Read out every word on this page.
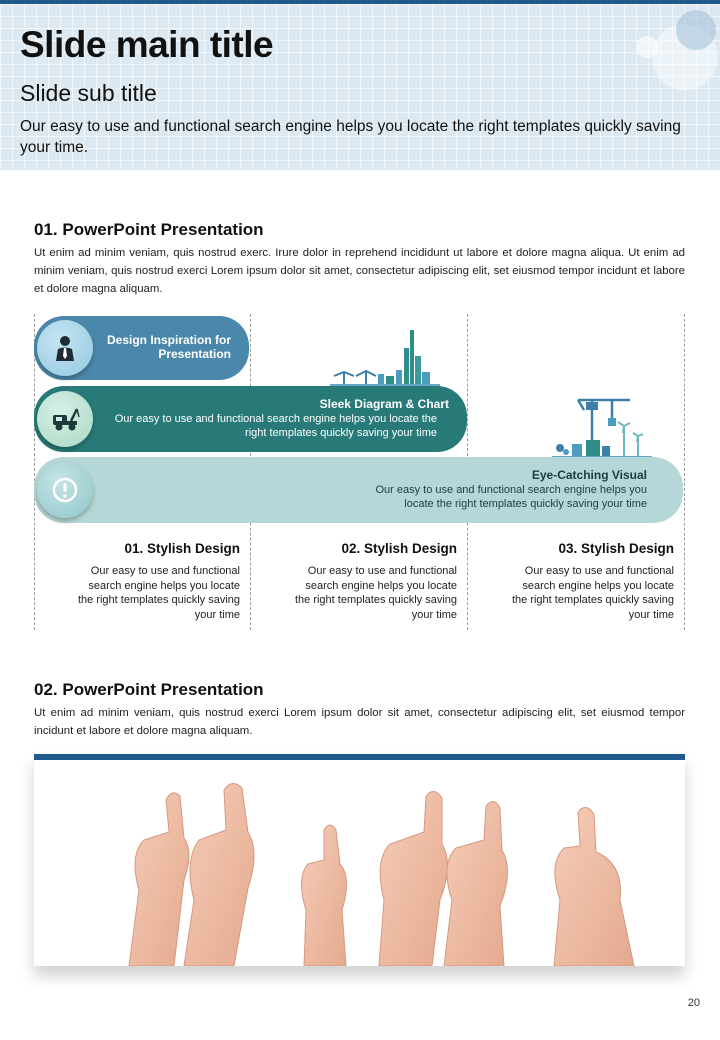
Slide main title
Slide sub title
Our easy to use and functional search engine helps you locate the right templates quickly saving your time.
01. PowerPoint Presentation
Ut enim ad minim veniam, quis nostrud exerc. Irure dolor in reprehend incididunt ut labore et dolore magna aliqua. Ut enim ad minim veniam, quis nostrud exerci Lorem ipsum dolor sit amet, consectetur adipiscing elit, set eiusmod tempor incidunt et labore et dolore magna aliquam.
Design Inspiration for Presentation
Sleek Diagram & Chart
Our easy to use and functional search engine helps you locate the right templates quickly saving your time
Eye-Catching Visual
Our easy to use and functional search engine helps you locate the right templates quickly saving your time
01. Stylish Design
Our easy to use and functional search engine helps you locate the right templates quickly saving your time
02. Stylish Design
Our easy to use and functional search engine helps you locate the right templates quickly saving your time
03. Stylish Design
Our easy to use and functional search engine helps you locate the right templates quickly saving your time
02. PowerPoint Presentation
Ut enim ad minim veniam, quis nostrud exerci Lorem ipsum dolor sit amet, consectetur adipiscing elit, set eiusmod tempor incidunt et labore et dolore magna aliquam.
20
